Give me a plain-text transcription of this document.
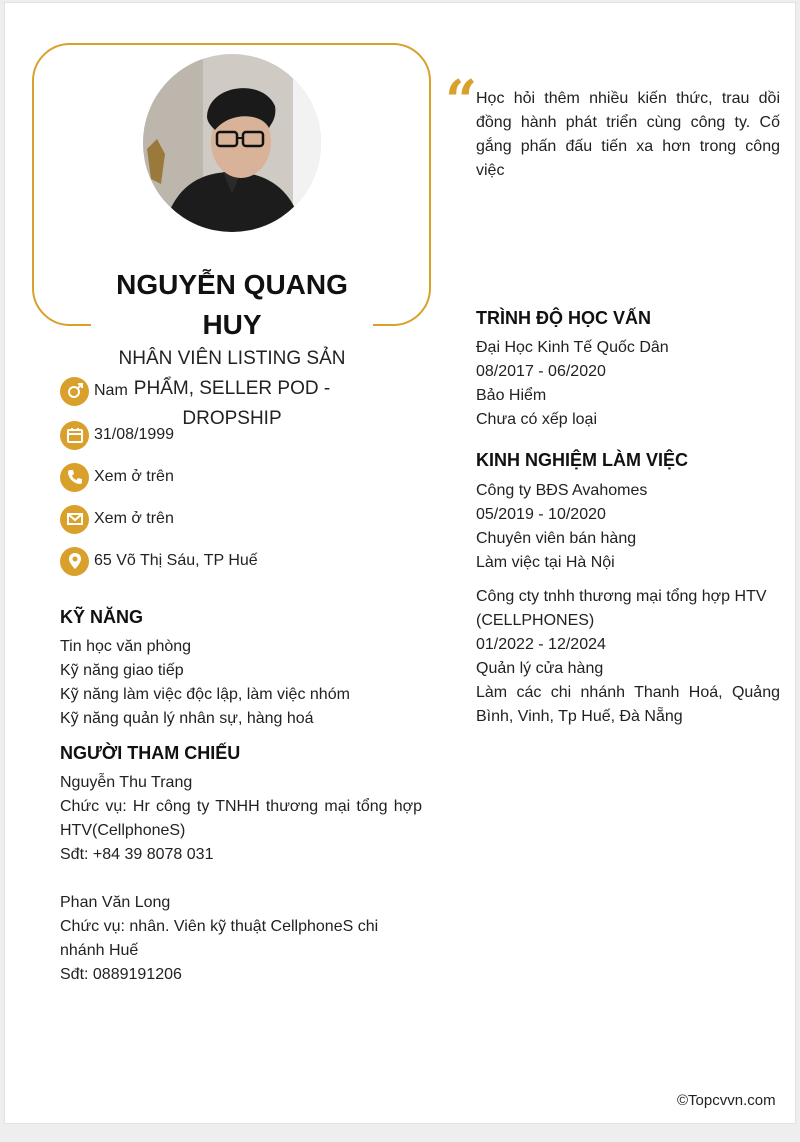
NGUYỄN QUANG HUY
NHÂN VIÊN LISTING SẢN PHẨM, SELLER POD - DROPSHIP
Nam
31/08/1999
Xem ở trên
Xem ở trên
65 Võ Thị Sáu, TP Huế
KỸ NĂNG
Tin học văn phòng
Kỹ năng giao tiếp
Kỹ năng làm việc độc lập, làm việc nhóm
Kỹ năng quản lý nhân sự, hàng hoá
NGƯỜI THAM CHIẾU
Nguyễn Thu Trang
Chức vụ: Hr công ty TNHH thương mại tổng hợp HTV(CellphoneS)
Sđt: +84 39 8078 031
Phan Văn Long
Chức vụ: nhân. Viên kỹ thuật CellphoneS chi nhánh Huế
Sđt: 0889191206
“
Học hỏi thêm nhiều kiến thức, trau dồi đồng hành phát triển cùng công ty. Cố gắng phấn đấu tiến xa hơn trong công việc
TRÌNH ĐỘ HỌC VẤN
Đại Học Kinh Tế Quốc Dân
08/2017 - 06/2020
Bảo Hiểm
Chưa có xếp loại
KINH NGHIỆM LÀM VIỆC
Công ty BĐS Avahomes
05/2019 - 10/2020
Chuyên viên bán hàng
Làm việc tại Hà Nội
Công cty tnhh thương mại tổng hợp HTV (CELLPHONES)
01/2022 - 12/2024
Quản lý cửa hàng
Làm các chi nhánh Thanh Hoá, Quảng Bình, Vinh, Tp Huế, Đà Nẵng
©Topcvvn.com
